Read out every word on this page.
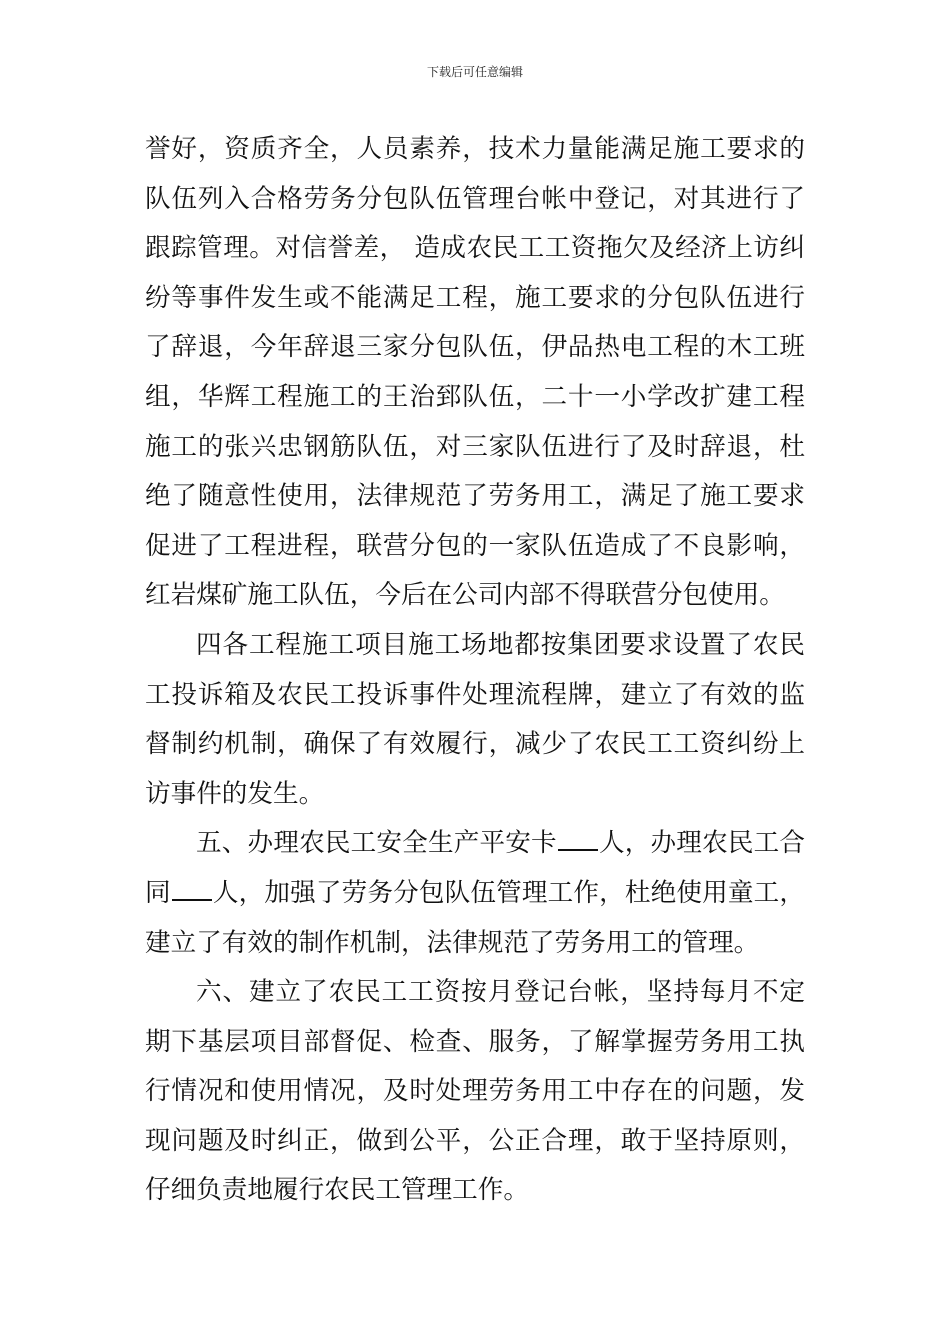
下载后可任意编辑

誉好，资质齐全，人员素养，技术力量能满足施工要求的队伍列入合格劳务分包队伍管理台帐中登记，对其进行了跟踪管理。对信誉差， 造成农民工工资拖欠及经济上访纠纷等事件发生或不能满足工程，施工要求的分包队伍进行了辞退，今年辞退三家分包队伍，伊品热电工程的木工班组，华辉工程施工的王治郅队伍，二十一小学改扩建工程施工的张兴忠钢筋队伍，对三家队伍进行了及时辞退，杜绝了随意性使用，法律规范了劳务用工，满足了施工要求促进了工程进程，联营分包的一家队伍造成了不良影响，红岩煤矿施工队伍，今后在公司内部不得联营分包使用。

四各工程施工项目施工场地都按集团要求设置了农民工投诉箱及农民工投诉事件处理流程牌，建立了有效的监督制约机制，确保了有效履行，减少了农民工工资纠纷上访事件的发生。

五、办理农民工安全生产平安卡 人，办理农民工合同 人，加强了劳务分包队伍管理工作，杜绝使用童工，建立了有效的制作机制，法律规范了劳务用工的管理。

六、建立了农民工工资按月登记台帐，坚持每月不定期下基层项目部督促、检查、服务，了解掌握劳务用工执行情况和使用情况，及时处理劳务用工中存在的问题，发现问题及时纠正，做到公平，公正合理，敢于坚持原则，仔细负责地履行农民工管理工作。
